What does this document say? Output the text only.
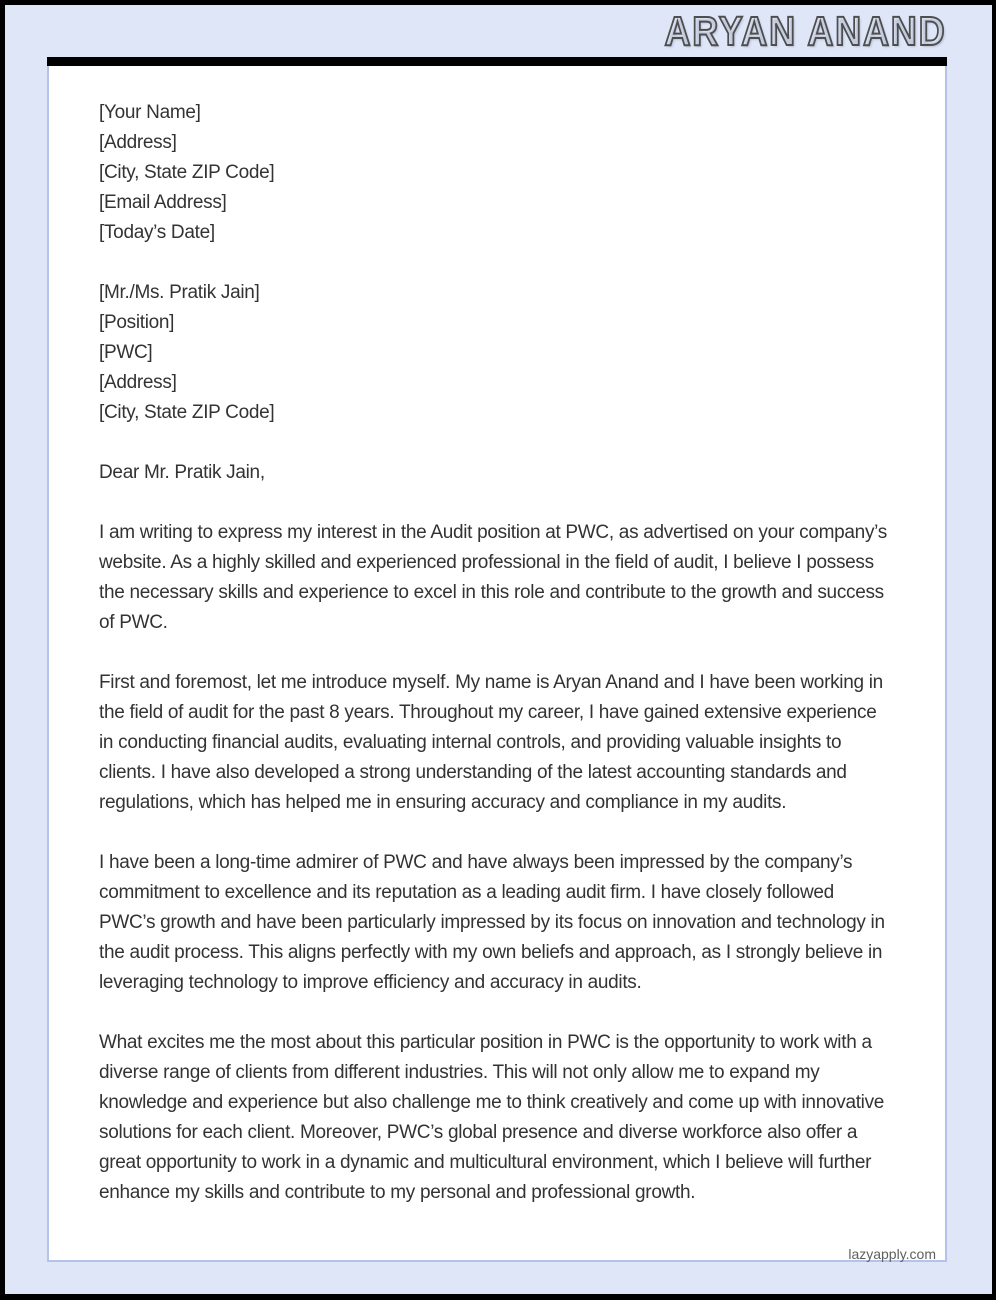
ARYAN ANAND
[Your Name]
[Address]
[City, State ZIP Code]
[Email Address]
[Today’s Date]
[Mr./Ms. Pratik Jain]
[Position]
[PWC]
[Address]
[City, State ZIP Code]
Dear Mr. Pratik Jain,

I am writing to express my interest in the Audit position at PWC, as advertised on your company’s website. As a highly skilled and experienced professional in the field of audit, I believe I possess the necessary skills and experience to excel in this role and contribute to the growth and success of PWC.

First and foremost, let me introduce myself. My name is Aryan Anand and I have been working in the field of audit for the past 8 years. Throughout my career, I have gained extensive experience in conducting financial audits, evaluating internal controls, and providing valuable insights to clients. I have also developed a strong understanding of the latest accounting standards and regulations, which has helped me in ensuring accuracy and compliance in my audits.

I have been a long-time admirer of PWC and have always been impressed by the company’s commitment to excellence and its reputation as a leading audit firm. I have closely followed PWC’s growth and have been particularly impressed by its focus on innovation and technology in the audit process. This aligns perfectly with my own beliefs and approach, as I strongly believe in leveraging technology to improve efficiency and accuracy in audits.

What excites me the most about this particular position in PWC is the opportunity to work with a diverse range of clients from different industries. This will not only allow me to expand my knowledge and experience but also challenge me to think creatively and come up with innovative solutions for each client. Moreover, PWC’s global presence and diverse workforce also offer a great opportunity to work in a dynamic and multicultural environment, which I believe will further enhance my skills and contribute to my personal and professional growth.

lazyapply.com
